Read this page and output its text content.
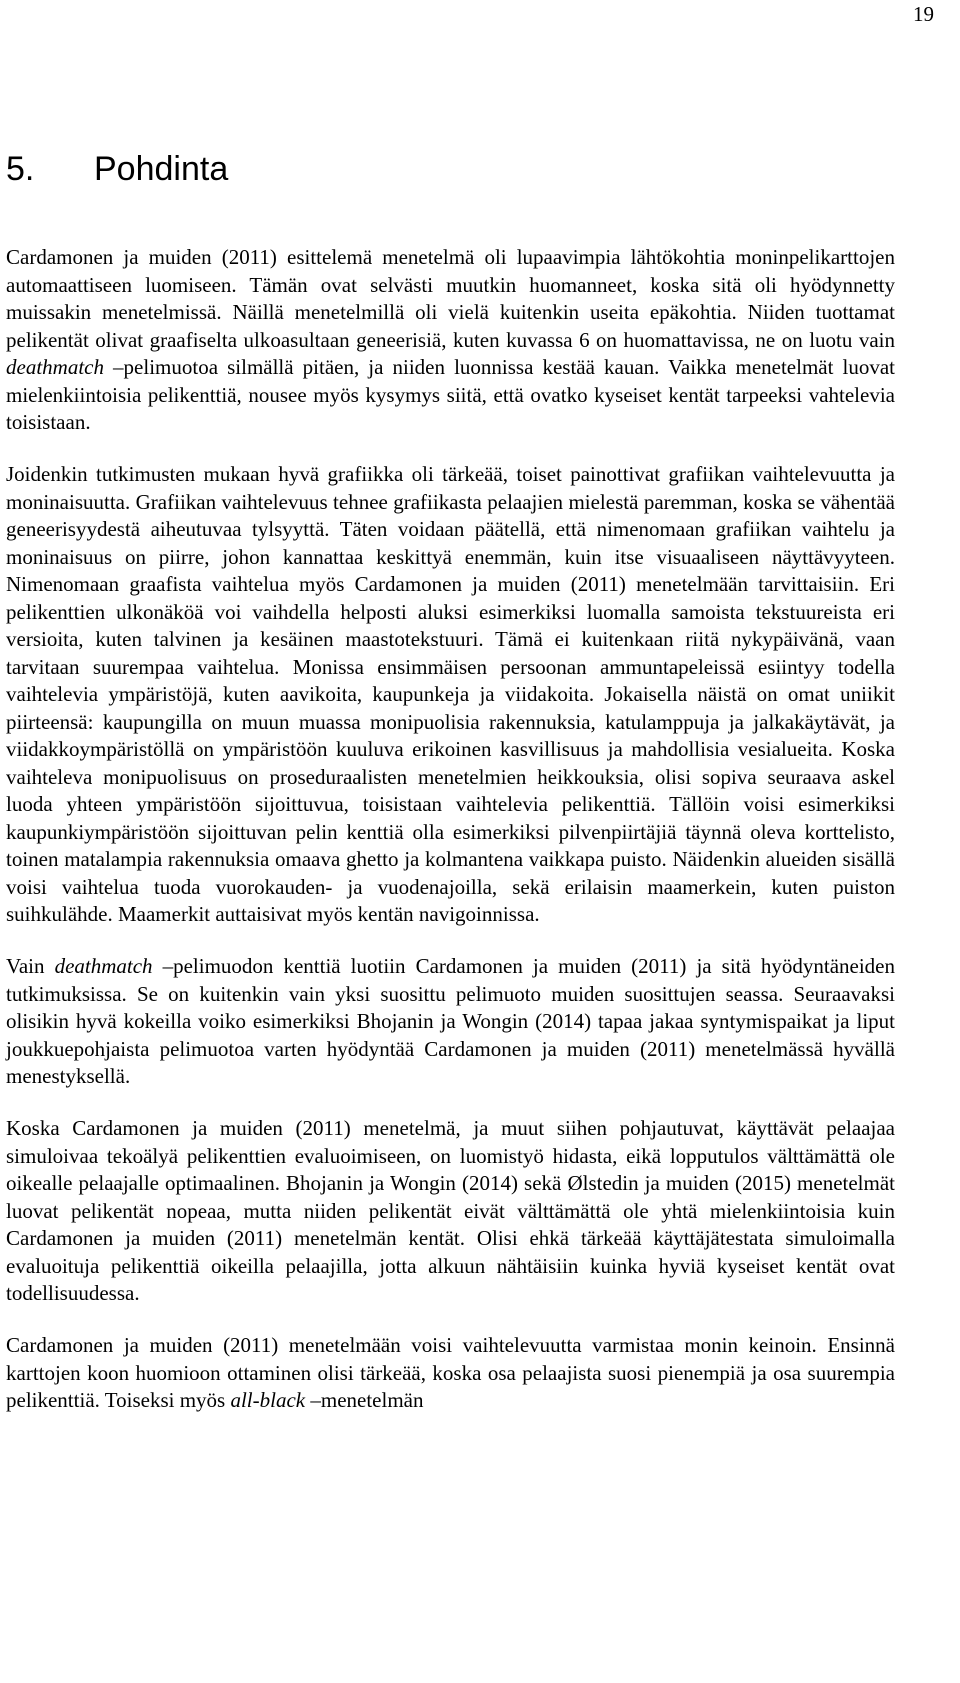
19
5. Pohdinta

Cardamonen ja muiden (2011) esittelemä menetelmä oli lupaavimpia lähtökohtia moninpelikarttojen automaattiseen luomiseen. Tämän ovat selvästi muutkin huomanneet, koska sitä oli hyödynnetty muissakin menetelmissä. Näillä menetelmillä oli vielä kuitenkin useita epäkohtia. Niiden tuottamat pelikentät olivat graafiselta ulkoasultaan geneerisiä, kuten kuvassa 6 on huomattavissa, ne on luotu vain deathmatch –pelimuotoa silmällä pitäen, ja niiden luonnissa kestää kauan. Vaikka menetelmät luovat mielenkiintoisia pelikenttiä, nousee myös kysymys siitä, että ovatko kyseiset kentät tarpeeksi vahtelevia toisistaan.

Joidenkin tutkimusten mukaan hyvä grafiikka oli tärkeää, toiset painottivat grafiikan vaihtelevuutta ja moninaisuutta. Grafiikan vaihtelevuus tehnee grafiikasta pelaajien mielestä paremman, koska se vähentää geneerisyydestä aiheutuvaa tylsyyttä. Täten voidaan päätellä, että nimenomaan grafiikan vaihtelu ja moninaisuus on piirre, johon kannattaa keskittyä enemmän, kuin itse visuaaliseen näyttävyyteen. Nimenomaan graafista vaihtelua myös Cardamonen ja muiden (2011) menetelmään tarvittaisiin. Eri pelikenttien ulkonäköä voi vaihdella helposti aluksi esimerkiksi luomalla samoista tekstuureista eri versioita, kuten talvinen ja kesäinen maastotekstuuri. Tämä ei kuitenkaan riitä nykypäivänä, vaan tarvitaan suurempaa vaihtelua. Monissa ensimmäisen persoonan ammuntapeleissä esiintyy todella vaihtelevia ympäristöjä, kuten aavikoita, kaupunkeja ja viidakoita. Jokaisella näistä on omat uniikit piirteensä: kaupungilla on muun muassa monipuolisia rakennuksia, katulamppuja ja jalkakäytävät, ja viidakkoympäristöllä on ympäristöön kuuluva erikoinen kasvillisuus ja mahdollisia vesialueita. Koska vaihteleva monipuolisuus on proseduraalisten menetelmien heikkouksia, olisi sopiva seuraava askel luoda yhteen ympäristöön sijoittuvua, toisistaan vaihtelevia pelikenttiä. Tällöin voisi esimerkiksi kaupunkiympäristöön sijoittuvan pelin kenttiä olla esimerkiksi pilvenpiirtäjiä täynnä oleva korttelisto, toinen matalampia rakennuksia omaava ghetto ja kolmantena vaikkapa puisto. Näidenkin alueiden sisällä voisi vaihtelua tuoda vuorokauden- ja vuodenajoilla, sekä erilaisin maamerkein, kuten puiston suihkulähde. Maamerkit auttaisivat myös kentän navigoinnissa.

Vain deathmatch –pelimuodon kenttiä luotiin Cardamonen ja muiden (2011) ja sitä hyödyntäneiden tutkimuksissa. Se on kuitenkin vain yksi suosittu pelimuoto muiden suosittujen seassa. Seuraavaksi olisikin hyvä kokeilla voiko esimerkiksi Bhojanin ja Wongin (2014) tapaa jakaa syntymispaikat ja liput joukkuepohjaista pelimuotoa varten hyödyntää Cardamonen ja muiden (2011) menetelmässä hyvällä menestyksellä.

Koska Cardamonen ja muiden (2011) menetelmä, ja muut siihen pohjautuvat, käyttävät pelaajaa simuloivaa tekoälyä pelikenttien evaluoimiseen, on luomistyö hidasta, eikä lopputulos välttämättä ole oikealle pelaajalle optimaalinen. Bhojanin ja Wongin (2014) sekä Ølstedin ja muiden (2015) menetelmät luovat pelikentät nopeaa, mutta niiden pelikentät eivät välttämättä ole yhtä mielenkiintoisia kuin Cardamonen ja muiden (2011) menetelmän kentät. Olisi ehkä tärkeää käyttäjätestata simuloimalla evaluoituja pelikenttiä oikeilla pelaajilla, jotta alkuun nähtäisiin kuinka hyviä kyseiset kentät ovat todellisuudessa.

Cardamonen ja muiden (2011) menetelmään voisi vaihtelevuutta varmistaa monin keinoin. Ensinnä karttojen koon huomioon ottaminen olisi tärkeää, koska osa pelaajista suosi pienempiä ja osa suurempia pelikenttiä. Toiseksi myös all-black –menetelmän
